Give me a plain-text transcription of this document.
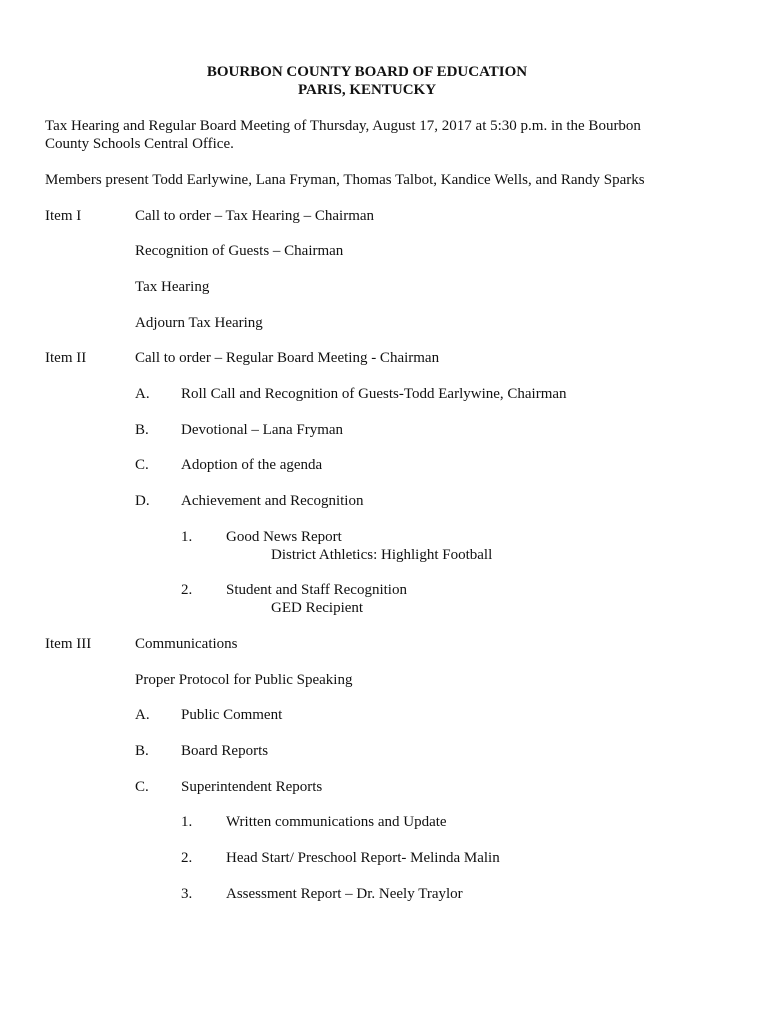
BOURBON COUNTY BOARD OF EDUCATION
PARIS, KENTUCKY
Tax Hearing and Regular Board Meeting of Thursday, August 17, 2017 at 5:30 p.m. in the Bourbon
County Schools Central Office.
Members present Todd Earlywine, Lana Fryman, Thomas Talbot, Kandice Wells, and Randy Sparks
Item I	Call to order – Tax Hearing – Chairman
Recognition of Guests – Chairman
Tax Hearing
Adjourn Tax Hearing
Item II	Call to order – Regular Board Meeting - Chairman
A. Roll Call and Recognition of Guests-Todd Earlywine, Chairman
B. Devotional – Lana Fryman
C. Adoption of the agenda
D. Achievement and Recognition
1. Good News Report
District Athletics: Highlight Football
2. Student and Staff Recognition
GED Recipient
Item III	Communications
Proper Protocol for Public Speaking
A. Public Comment
B. Board Reports
C. Superintendent Reports
1. Written communications and Update
2. Head Start/ Preschool Report- Melinda Malin
3. Assessment Report – Dr. Neely Traylor
